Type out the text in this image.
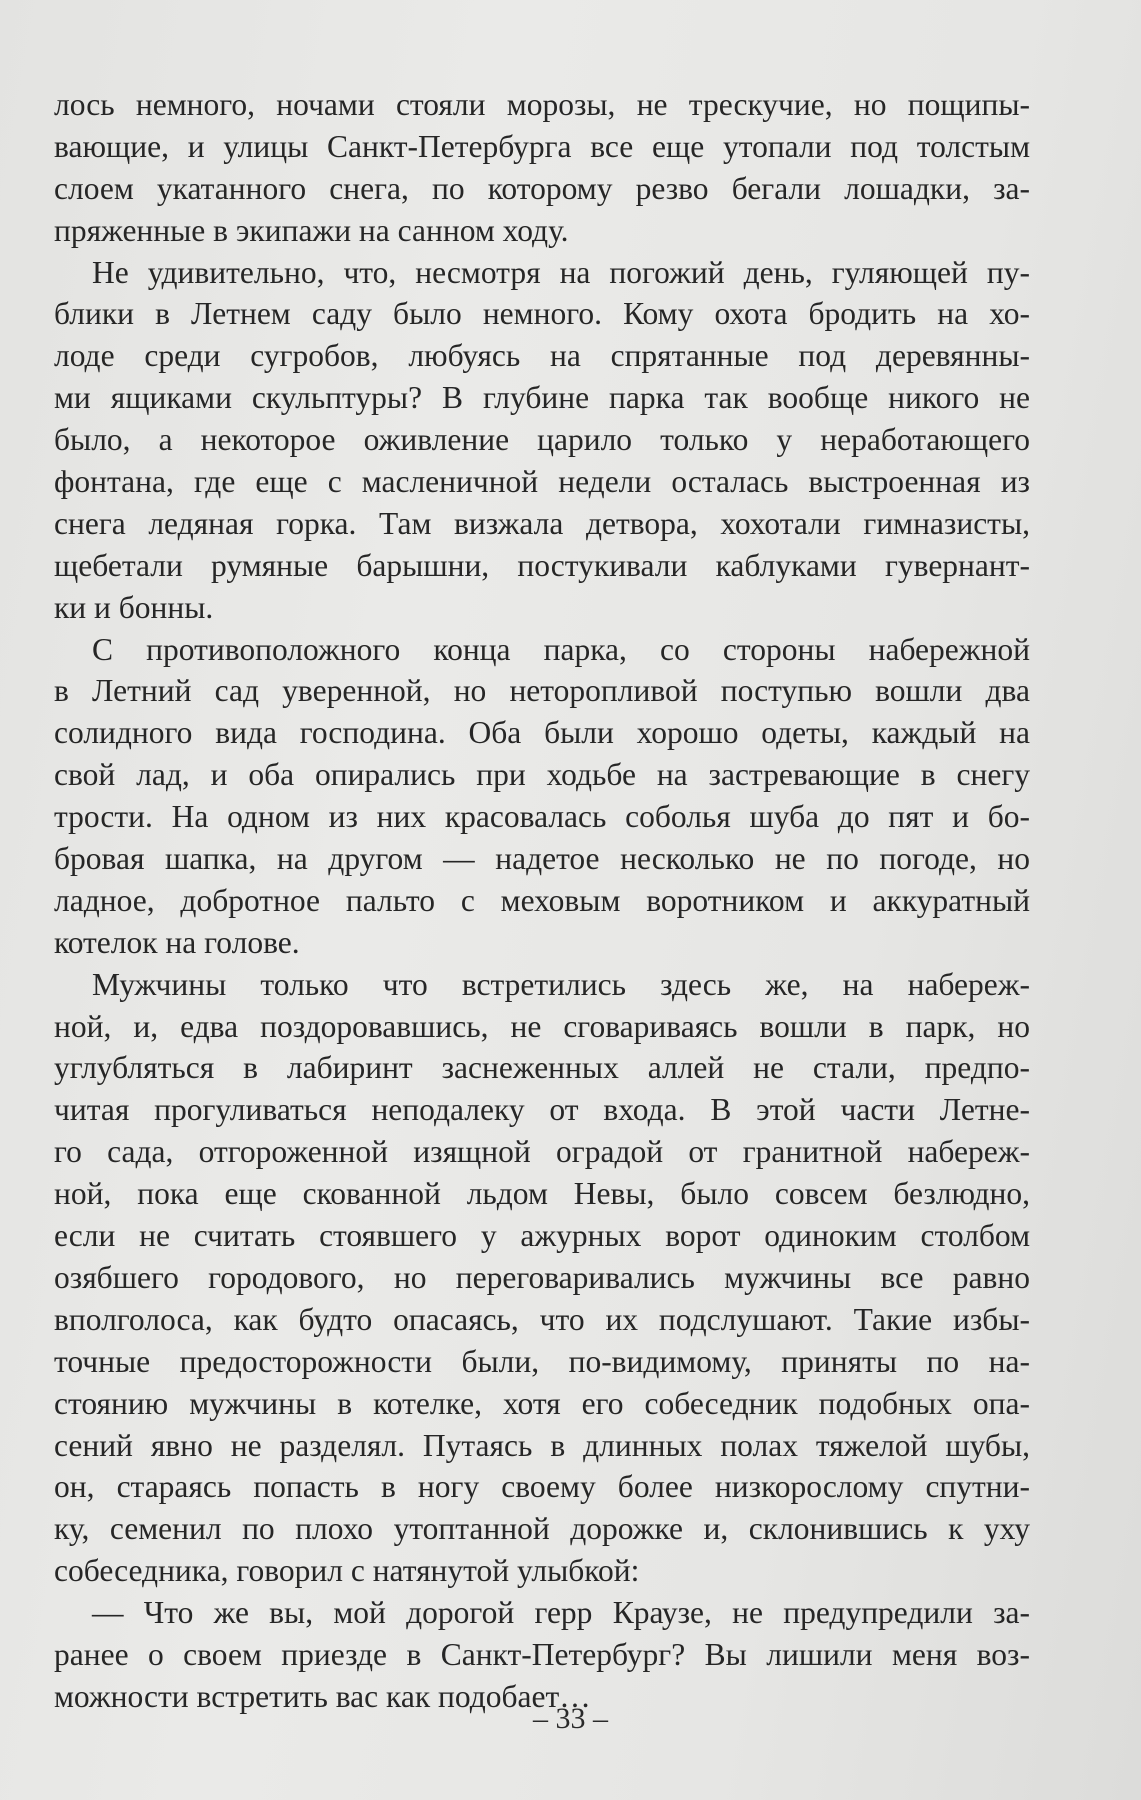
лось немного, ночами стояли морозы, не трескучие, но пощипы-
вающие, и улицы Санкт-Петербурга все еще утопали под толстым
слоем укатанного снега, по которому резво бегали лошадки, за-
пряженные в экипажи на санном ходу.
Не удивительно, что, несмотря на погожий день, гуляющей пу-
блики в Летнем саду было немного. Кому охота бродить на хо-
лоде среди сугробов, любуясь на спрятанные под деревянны-
ми ящиками скульптуры? В глубине парка так вообще никого не
было, а некоторое оживление царило только у неработающего
фонтана, где еще с масленичной недели осталась выстроенная из
снега ледяная горка. Там визжала детвора, хохотали гимназисты,
щебетали румяные барышни, постукивали каблуками гувернант-
ки и бонны.
С противоположного конца парка, со стороны набережной
в Летний сад уверенной, но неторопливой поступью вошли два
солидного вида господина. Оба были хорошо одеты, каждый на
свой лад, и оба опирались при ходьбе на застревающие в снегу
трости. На одном из них красовалась соболья шуба до пят и бо-
бровая шапка, на другом — надетое несколько не по погоде, но
ладное, добротное пальто с меховым воротником и аккуратный
котелок на голове.
Мужчины только что встретились здесь же, на набереж-
ной, и, едва поздоровавшись, не сговариваясь вошли в парк, но
углубляться в лабиринт заснеженных аллей не стали, предпо-
читая прогуливаться неподалеку от входа. В этой части Летне-
го сада, отгороженной изящной оградой от гранитной набереж-
ной, пока еще скованной льдом Невы, было совсем безлюдно,
если не считать стоявшего у ажурных ворот одиноким столбом
озябшего городового, но переговаривались мужчины все равно
вполголоса, как будто опасаясь, что их подслушают. Такие избы-
точные предосторожности были, по-видимому, приняты по на-
стоянию мужчины в котелке, хотя его собеседник подобных опа-
сений явно не разделял. Путаясь в длинных полах тяжелой шубы,
он, стараясь попасть в ногу своему более низкорослому спутни-
ку, семенил по плохо утоптанной дорожке и, склонившись к уху
собеседника, говорил с натянутой улыбкой:
— Что же вы, мой дорогой герр Краузе, не предупредили за-
ранее о своем приезде в Санкт-Петербург? Вы лишили меня воз-
можности встретить вас как подобает…
– 33 –
